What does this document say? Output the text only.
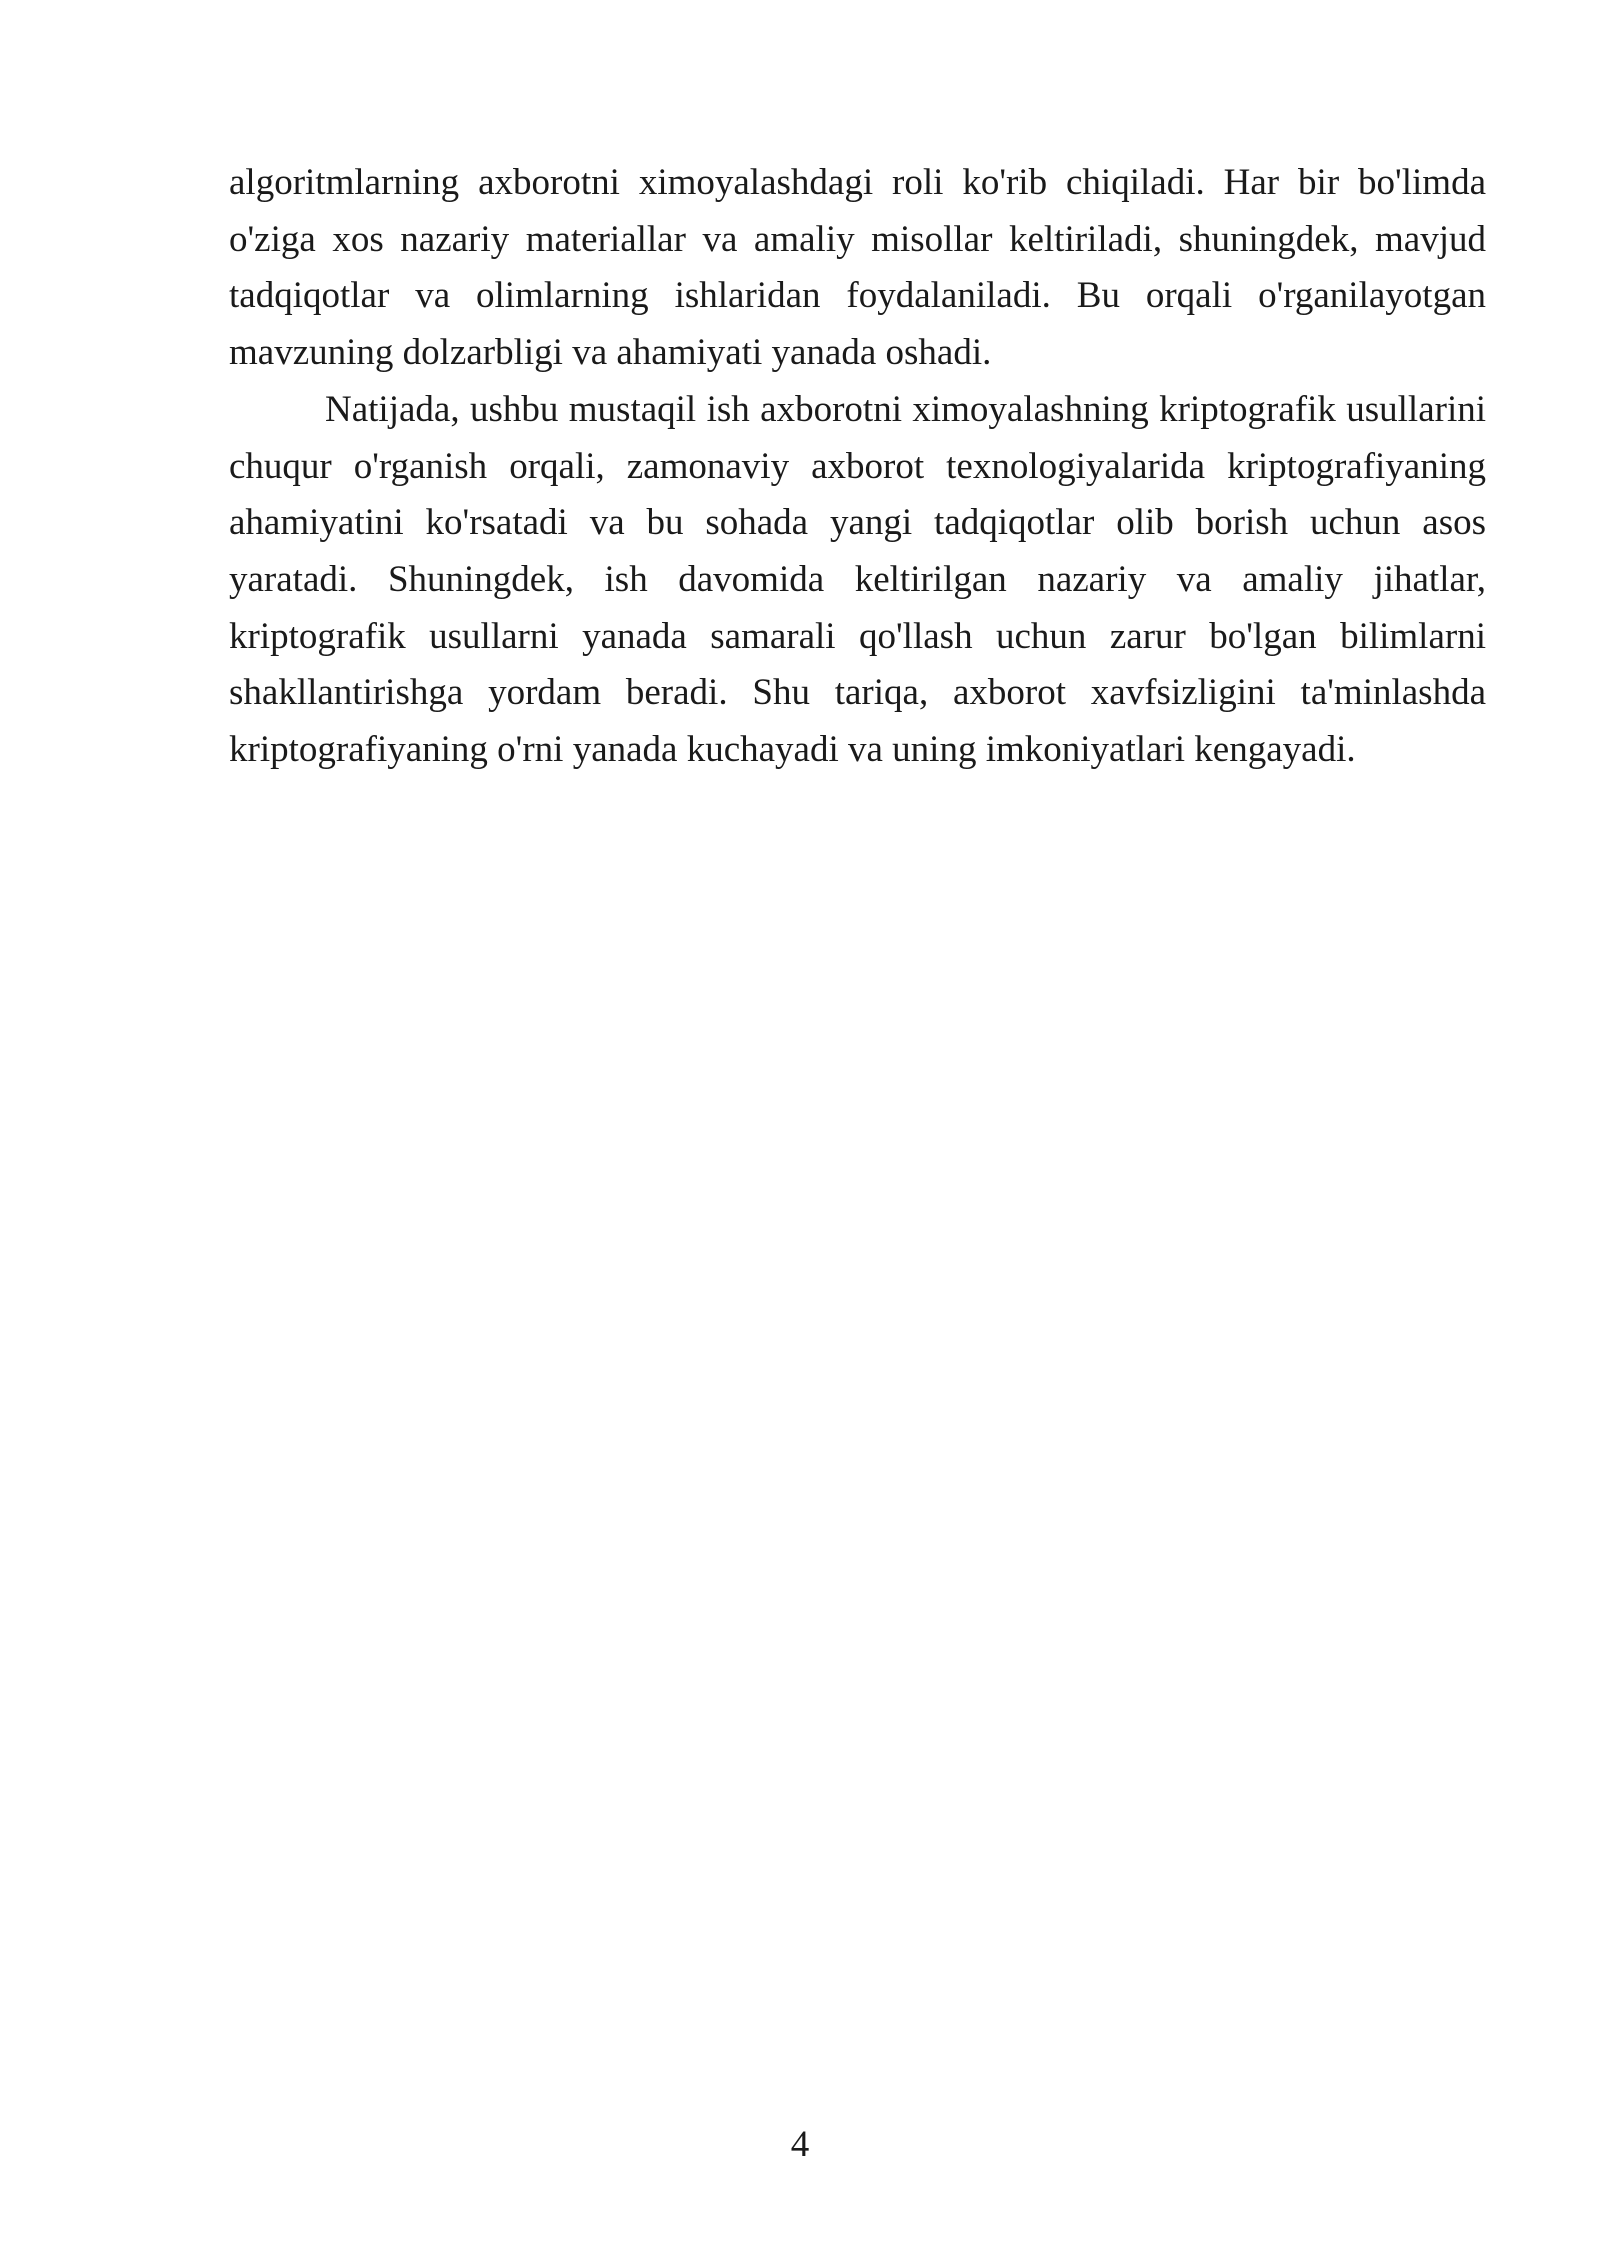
algoritmlarning axborotni ximoyalashdagi roli ko'rib chiqiladi. Har bir bo'limda o'ziga xos nazariy materiallar va amaliy misollar keltiriladi, shuningdek, mavjud tadqiqotlar va olimlarning ishlaridan foydalaniladi. Bu orqali o'rganilayotgan mavzuning dolzarbligi va ahamiyati yanada oshadi.

Natijada, ushbu mustaqil ish axborotni ximoyalashning kriptografik usullarini chuqur o'rganish orqali, zamonaviy axborot texnologiyalarida kriptografiyaning ahamiyatini ko'rsatadi va bu sohada yangi tadqiqotlar olib borish uchun asos yaratadi. Shuningdek, ish davomida keltirilgan nazariy va amaliy jihatlar, kriptografik usullarni yanada samarali qo'llash uchun zarur bo'lgan bilimlarni shakllantirishga yordam beradi. Shu tariqa, axborot xavfsizligini ta'minlashda kriptografiyaning o'rni yanada kuchayadi va uning imkoniyatlari kengayadi.

4
